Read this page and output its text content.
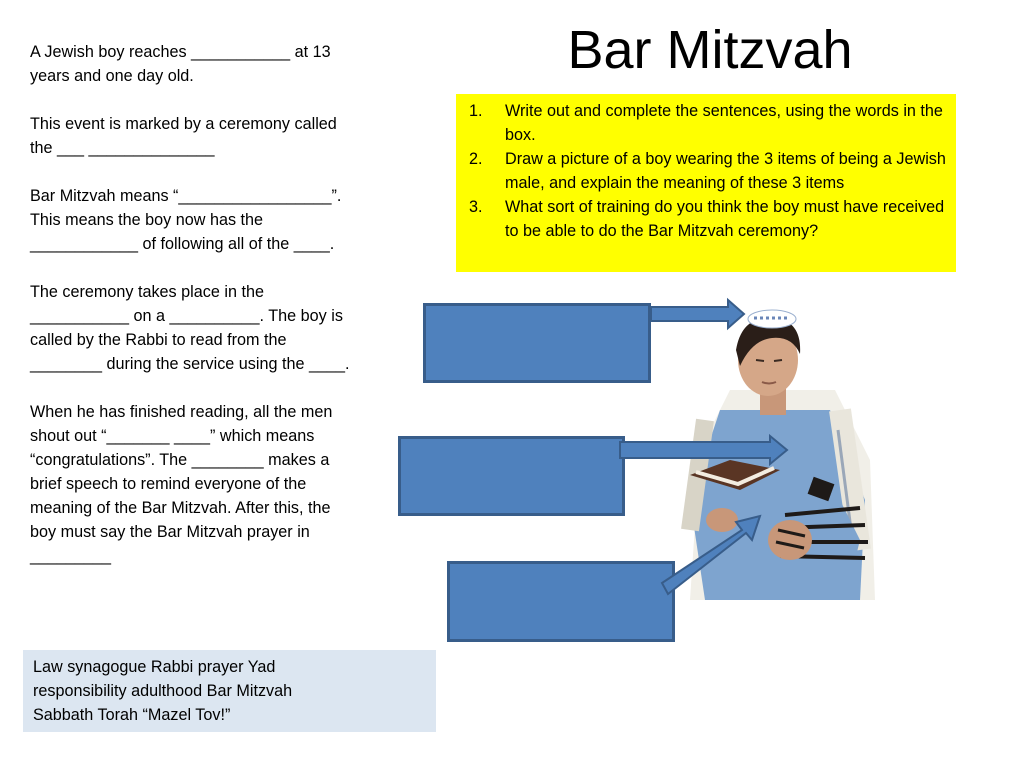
Bar Mitzvah

A Jewish boy reaches ___________ at 13 years and one day old.

This event is marked by a ceremony called the ___ ______________

Bar Mitzvah means “_________________”. This means the boy now has the ____________ of following all of the ____.

The ceremony takes place in the ___________ on a __________. The boy is called by the Rabbi to read from the ________ during the service using the ____.

When he has finished reading, all the men shout out “_______ ____” which means “congratulations”. The ________ makes a brief speech to remind everyone of the meaning of the Bar Mitzvah. After this, the boy must say the Bar Mitzvah prayer in _________

1. Write out and complete the sentences, using the words in the box.
2. Draw a picture of a boy wearing the 3 items of being a Jewish male, and explain the meaning of these 3 items
3. What sort of training do you think the boy must have received to be able to do the Bar Mitzvah ceremony?
Law synagogue Rabbi prayer Yad
responsibility adulthood Bar Mitzvah
Sabbath Torah “Mazel Tov!”
